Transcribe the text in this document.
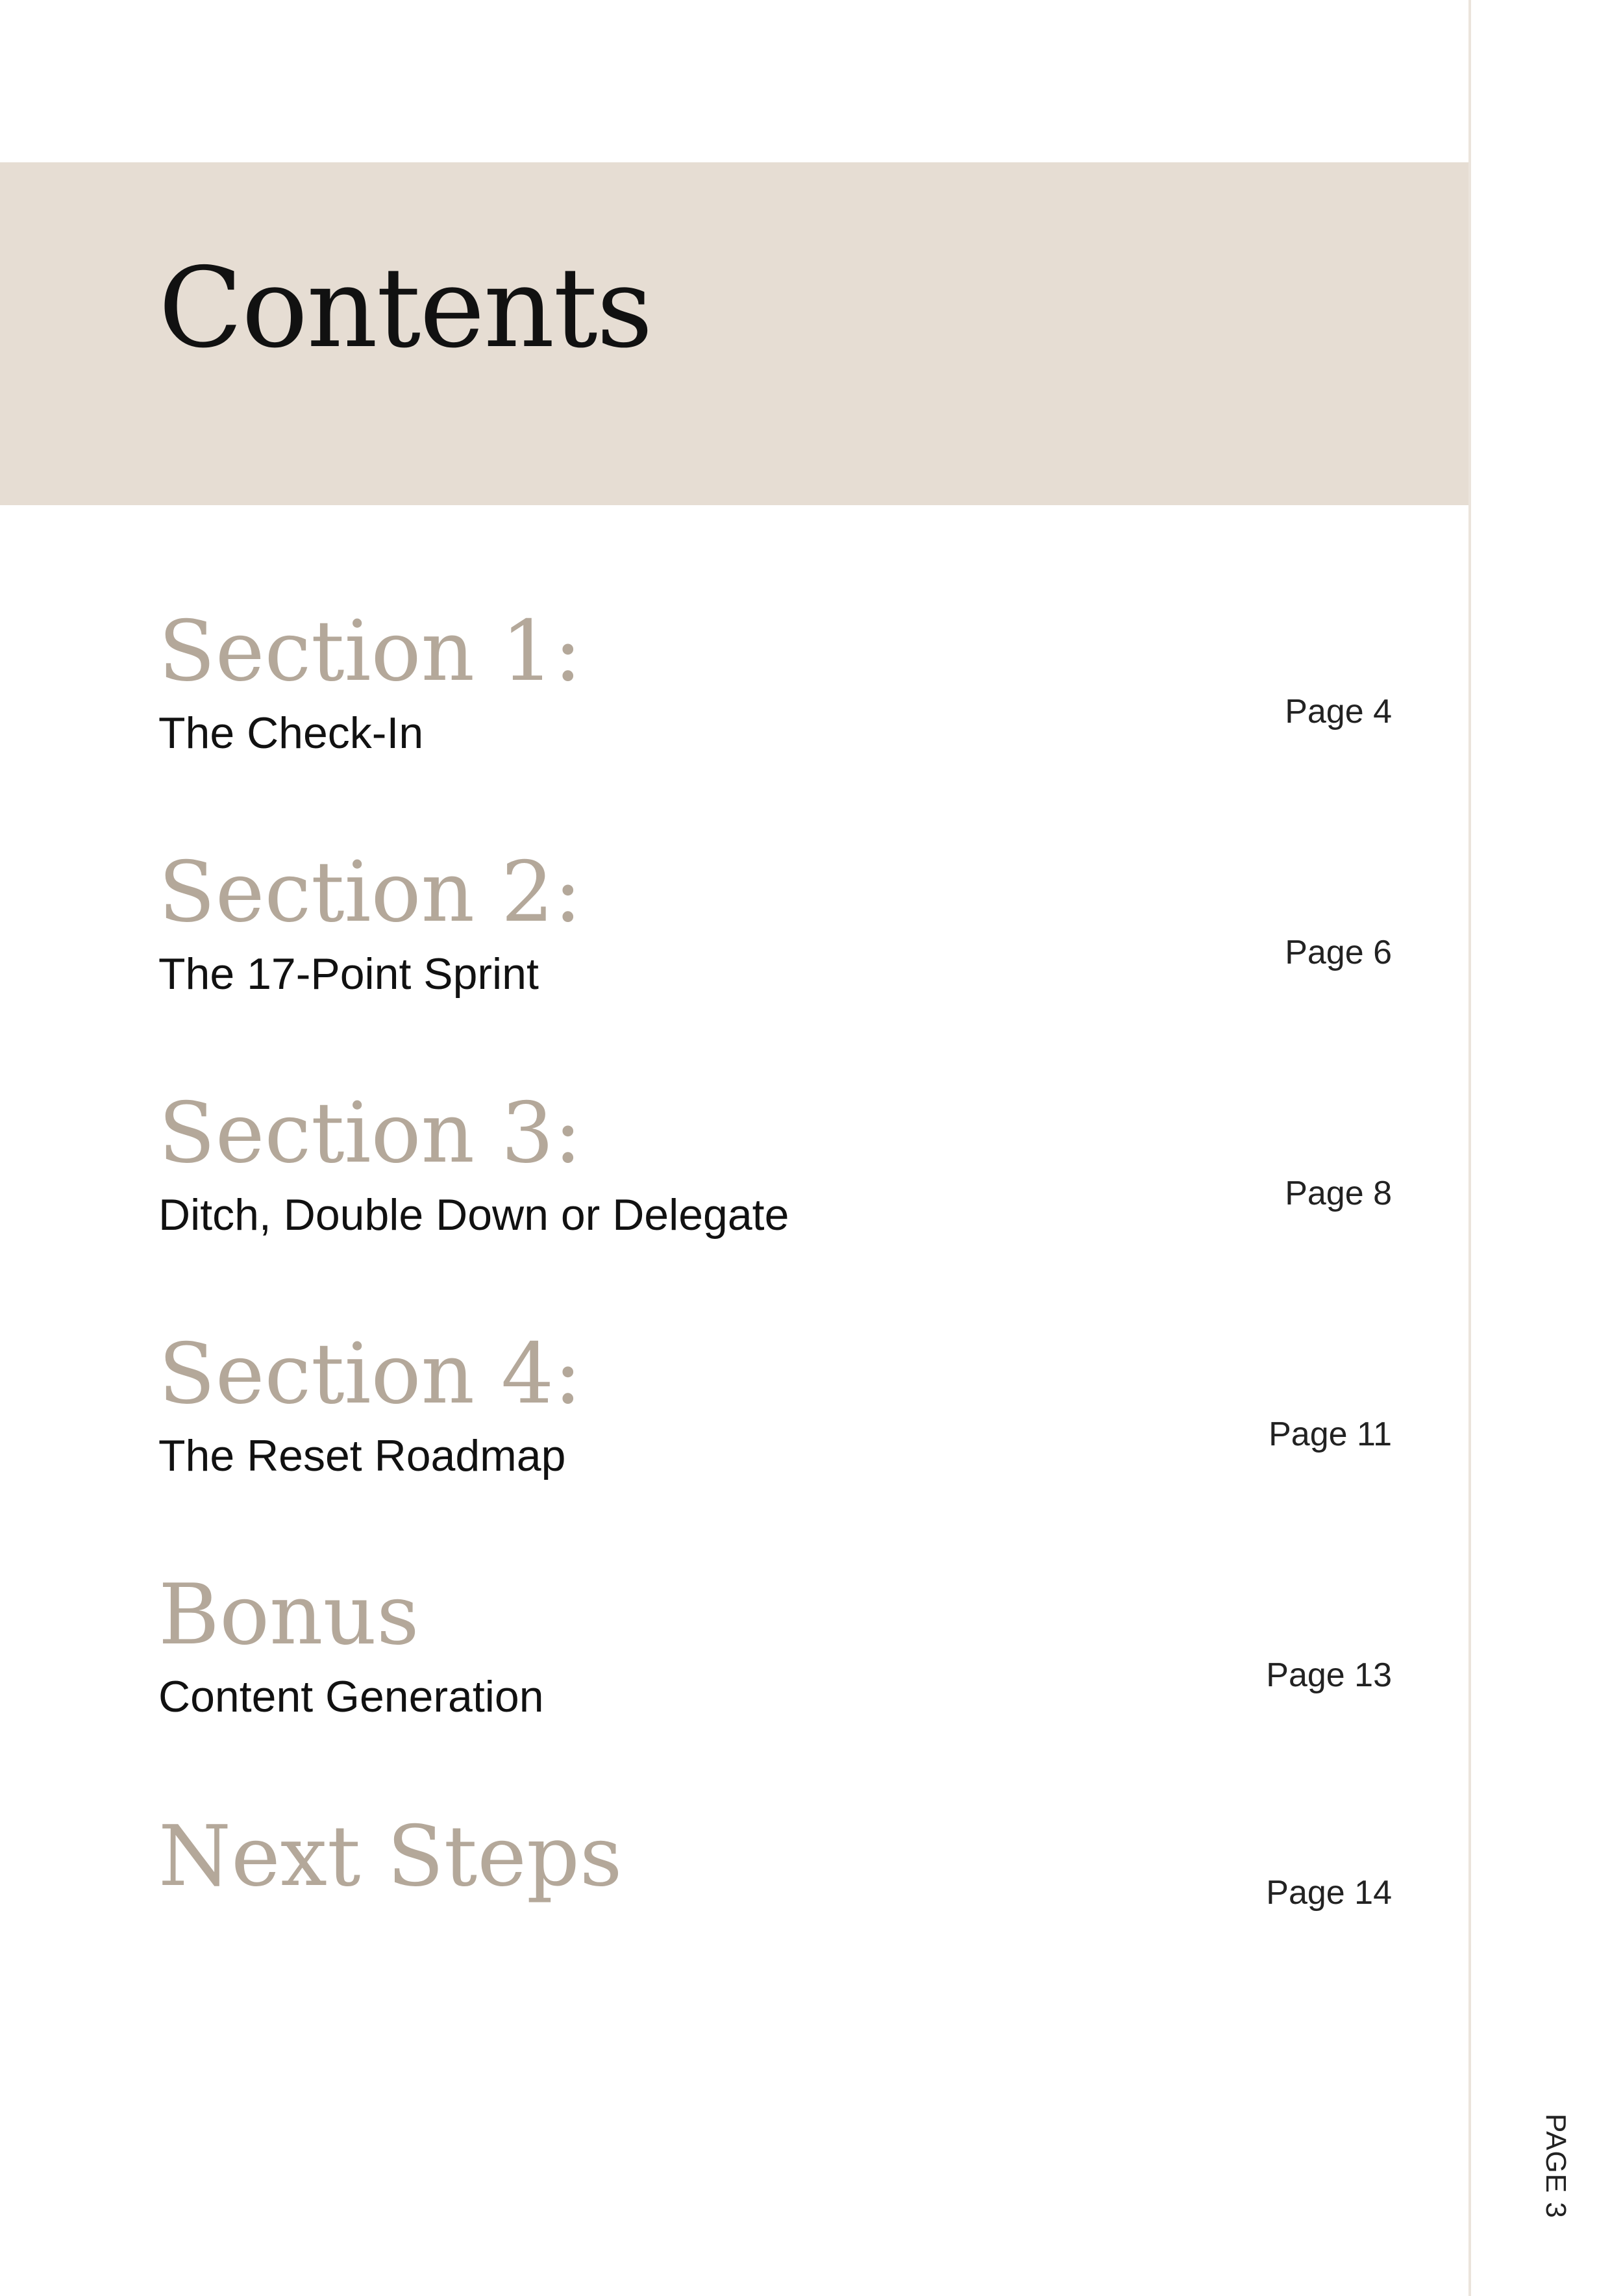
Contents
PAGE 3
Section 1:
The Check-In	Page 4
Section 2:
The 17-Point Sprint	Page 6
Section 3:
Ditch, Double Down or Delegate	Page 8
Section 4:
The Reset Roadmap	Page 11
Bonus
Content Generation	Page 13
Next Steps	Page 14
